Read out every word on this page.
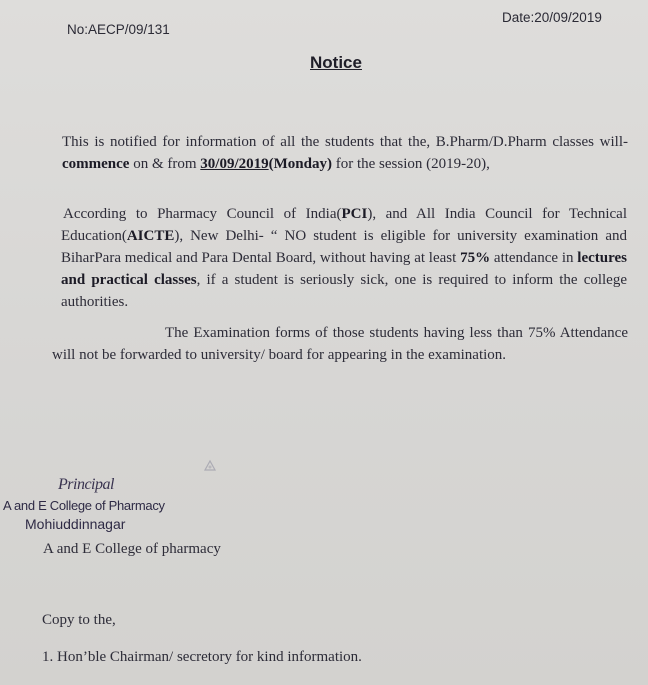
No:AECP/09/131
Date:20/09/2019
Notice
This is notified for information of all the students that the, B.Pharm/D.Pharm classes will- commence on & from 30/09/2019(Monday) for the session (2019-20),
According to Pharmacy Council of India(PCI), and All India Council for Technical Education(AICTE), New Delhi- “ NO student is eligible for university examination and BiharPara medical and Para Dental Board, without having at least 75% attendance in lectures and practical classes, if a student is seriously sick, one is required to inform the college authorities.
The Examination forms of those students having less than 75% Attendance will not be forwarded to university/ board for appearing in the examination.
Principal
A and E College of Pharmacy
Mohiuddinnagar
A and E College of pharmacy
Copy to the,
1. Hon’ble Chairman/ secretory for kind information.
